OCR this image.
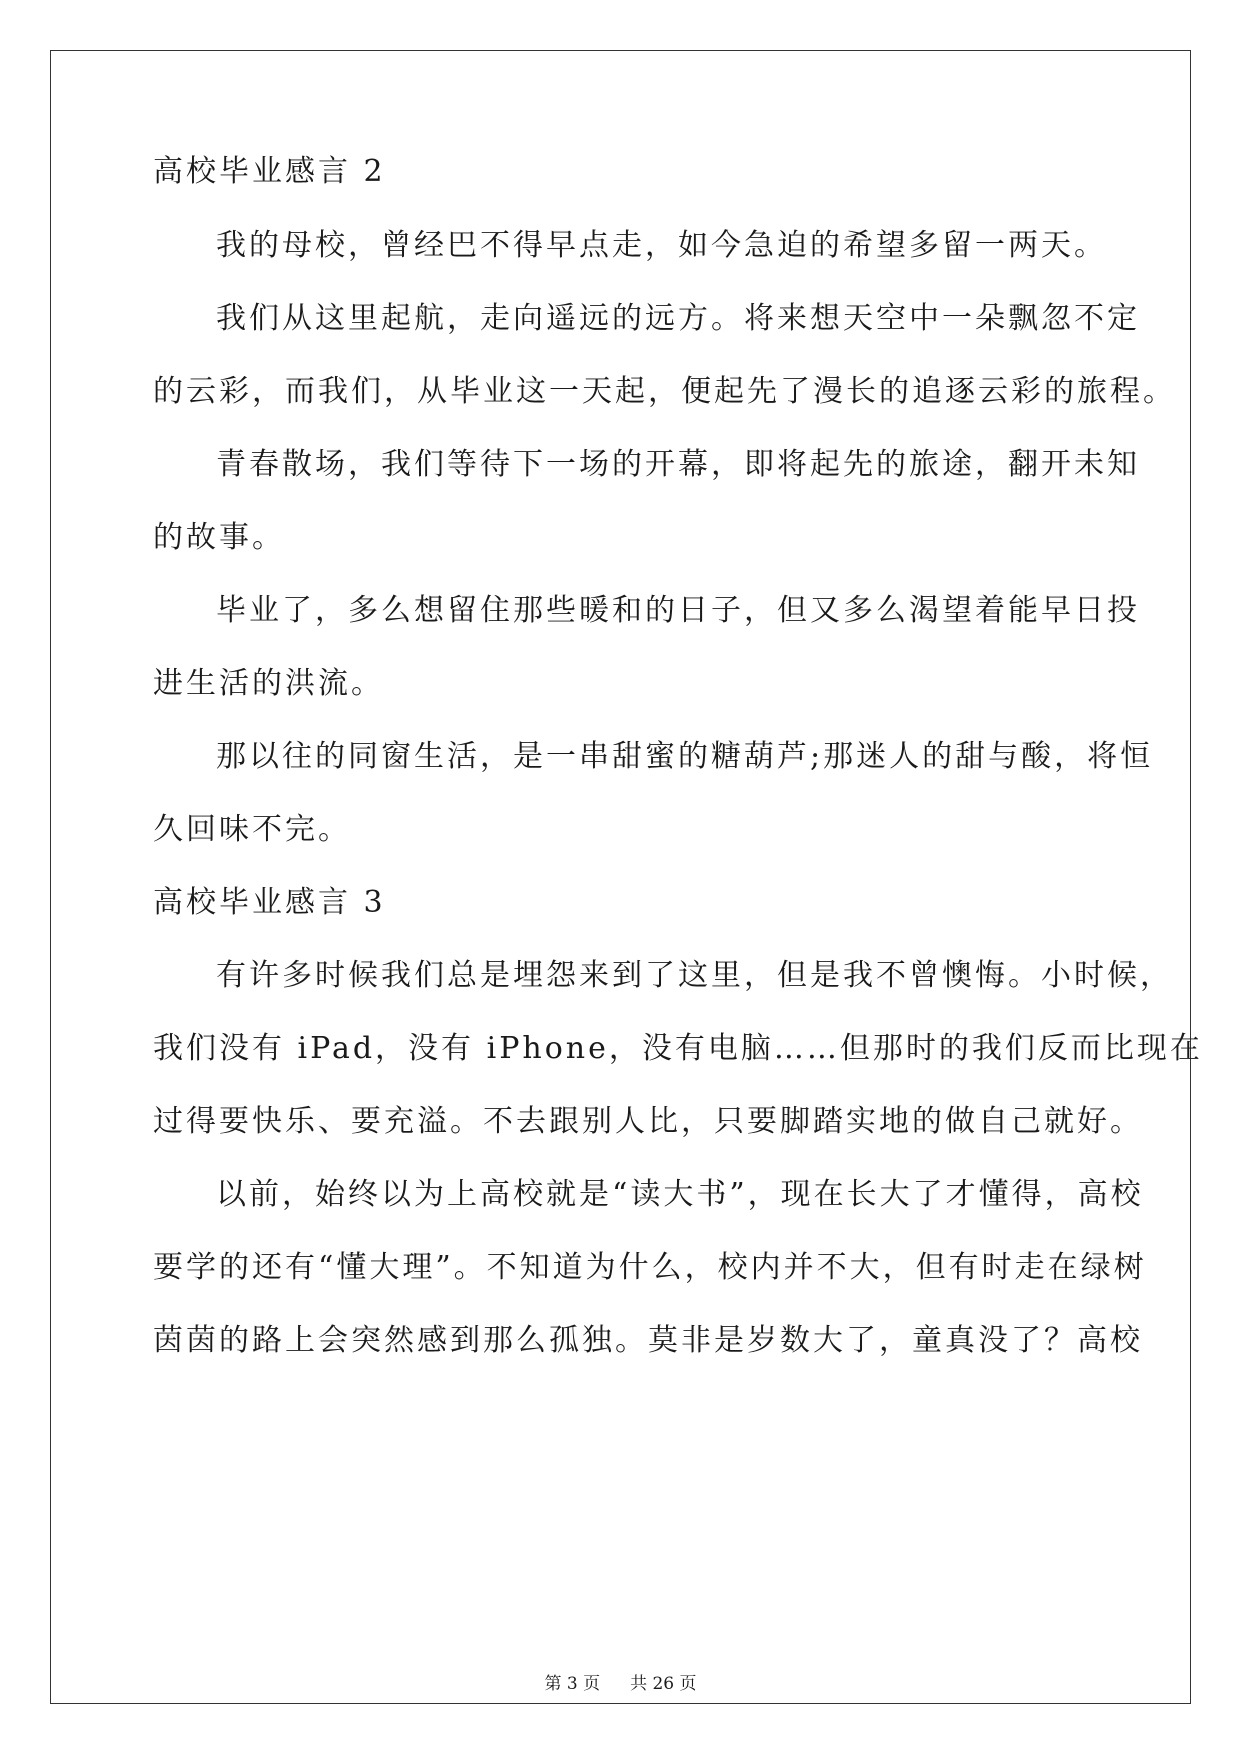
高校毕业感言 2
我的母校，曾经巴不得早点走，如今急迫的希望多留一两天。
我们从这里起航，走向遥远的远方。将来想天空中一朵飘忽不定
的云彩，而我们，从毕业这一天起，便起先了漫长的追逐云彩的旅程。
青春散场，我们等待下一场的开幕，即将起先的旅途，翻开未知
的故事。
毕业了，多么想留住那些暖和的日子，但又多么渴望着能早日投
进生活的洪流。
那以往的同窗生活，是一串甜蜜的糖葫芦;那迷人的甜与酸，将恒
久回味不完。
高校毕业感言 3
有许多时候我们总是埋怨来到了这里，但是我不曾懊悔。小时候，
我们没有 iPad，没有 iPhone，没有电脑……但那时的我们反而比现在
过得要快乐、要充溢。不去跟别人比，只要脚踏实地的做自己就好。
以前，始终以为上高校就是“读大书”，现在长大了才懂得，高校
要学的还有“懂大理”。不知道为什么，校内并不大，但有时走在绿树
茵茵的路上会突然感到那么孤独。莫非是岁数大了，童真没了？高校
第 3 页 共 26 页
